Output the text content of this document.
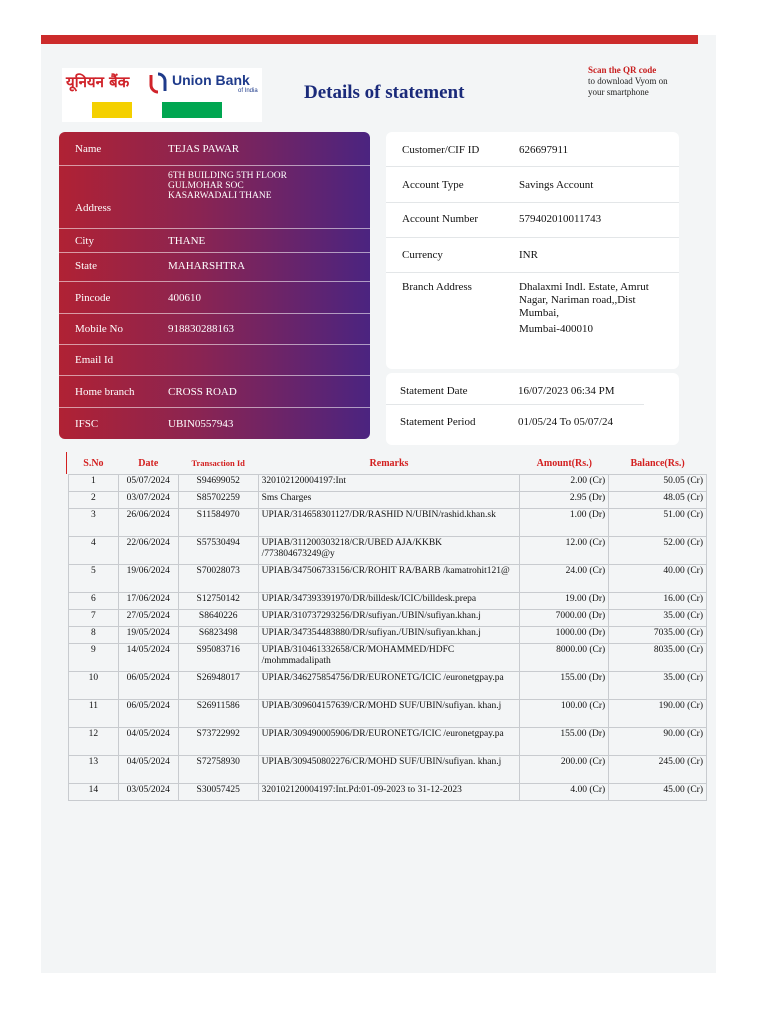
यूनियन बैंक	Union Bank
of India Details of statement
Scan the QR code
to download Vyom on
your smartphone
Name	TEJAS PAWAR
Address
6TH BUILDING 5TH FLOOR
GULMOHAR SOC
KASARWADALI THANE
City	THANE
State	MAHARSHTRA
Pincode	400610
Mobile No	918830288163
Email Id
Home branch	CROSS ROAD
IFSC	UBIN0557943
Customer/CIF ID	626697911
Account Type	Savings Account
Account Number	579402010011743
Currency	INR
Branch Address	Dhalaxmi Indl. Estate, Amrut
Nagar, Nariman road,,Dist
Mumbai,
Mumbai-400010
Statement Date	16/07/2023 06:34 PM
Statement Period	01/05/24 To 05/07/24
S.No	Date	Transaction Id	Remarks	Amount(Rs.)	Balance(Rs.)
1	05/07/2024	S94699052	320102120004197:Int	2.00 (Cr)	50.05 (Cr)
2	03/07/2024	S85702259	Sms Charges	2.95 (Dr)	48.05 (Cr)
3	26/06/2024	S11584970	UPIAR/314658301127/DR/RASHID N/UBIN/rashid.khan.sk	1.00 (Dr)	51.00 (Cr)
4	22/06/2024	S57530494	UPIAB/311200303218/CR/UBED AJA/KKBK /773804673249@y	12.00 (Cr)	52.00 (Cr)
5	19/06/2024	S70028073	UPIAB/347506733156/CR/ROHIT RA/BARB /kamatrohit121@	24.00 (Cr)	40.00 (Cr)
6	17/06/2024	S12750142	UPIAR/347393391970/DR/billdesk/ICIC/billdesk.prepa	19.00 (Dr)	16.00 (Cr)
7	27/05/2024	S8640226	UPIAR/310737293256/DR/sufiyan./UBIN/sufiyan.khan.j	7000.00 (Dr)	35.00 (Cr)
8	19/05/2024	S6823498	UPIAR/347354483880/DR/sufiyan./UBIN/sufiyan.khan.j	1000.00 (Dr)	7035.00 (Cr)
9	14/05/2024	S95083716	UPIAB/310461332658/CR/MOHAMMED/HDFC /mohmmadalipath	8000.00 (Cr)	8035.00 (Cr)
10	06/05/2024	S26948017	UPIAR/346275854756/DR/EURONETG/ICIC /euronetgpay.pa	155.00 (Dr)	35.00 (Cr)
11	06/05/2024	S26911586	UPIAB/309604157639/CR/MOHD SUF/UBIN/sufiyan. khan.j	100.00 (Cr)	190.00 (Cr)
12	04/05/2024	S73722992	UPIAR/309490005906/DR/EURONETG/ICIC /euronetgpay.pa	155.00 (Dr)	90.00 (Cr)
13	04/05/2024	S72758930	UPIAB/309450802276/CR/MOHD SUF/UBIN/sufiyan. khan.j	200.00 (Cr)	245.00 (Cr)
14	03/05/2024	S30057425	320102120004197:Int.Pd:01-09-2023 to 31-12-2023	4.00 (Cr)	45.00 (Cr)
